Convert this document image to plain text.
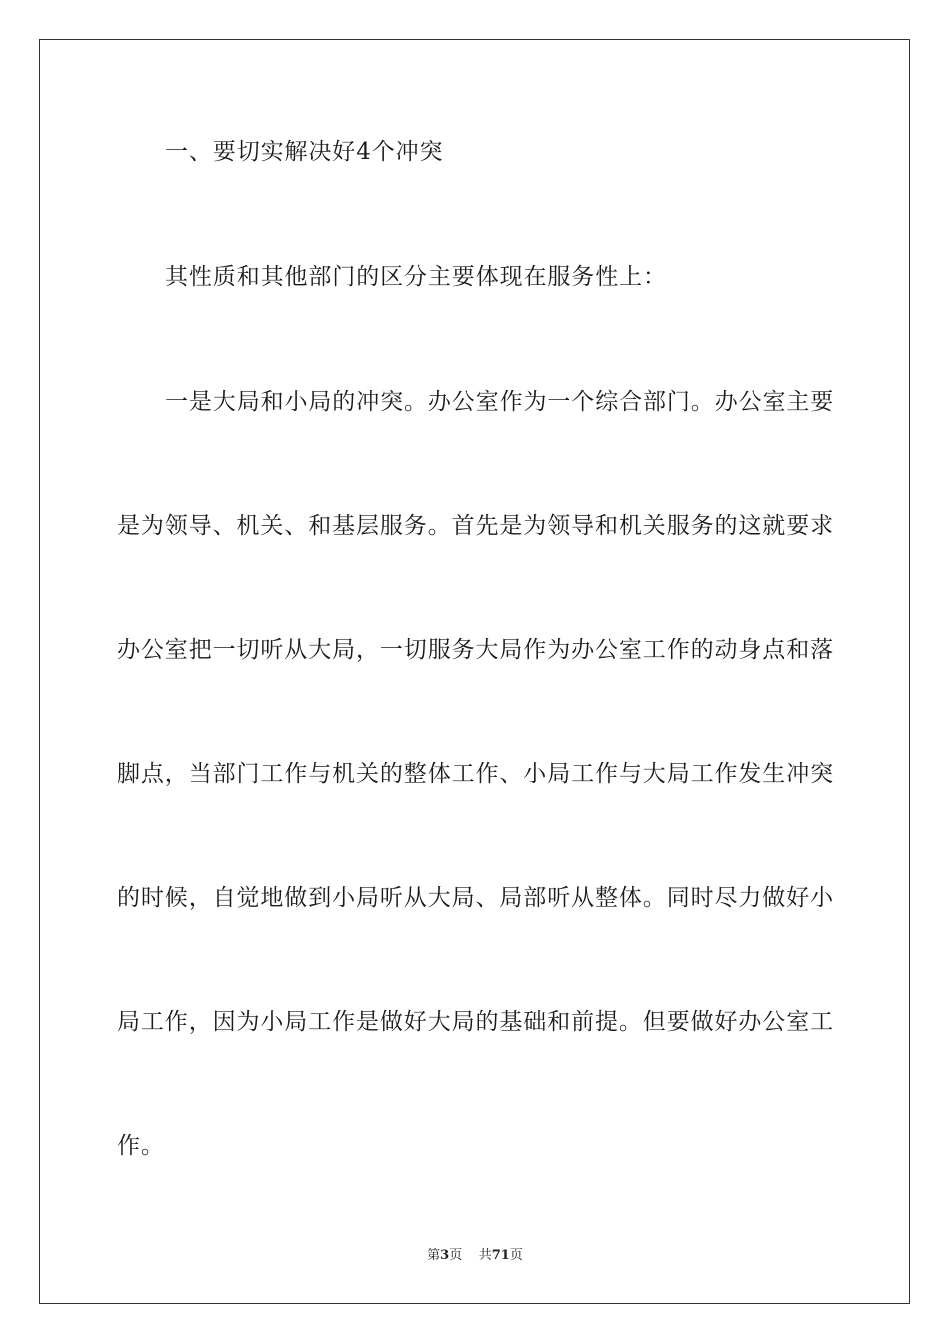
一、要切实解决好4个冲突
其性质和其他部门的区分主要体现在服务性上：
一是大局和小局的冲突。办公室作为一个综合部门。办公室主要
是为领导、机关、和基层服务。首先是为领导和机关服务的这就要求
办公室把一切听从大局，一切服务大局作为办公室工作的动身点和落
脚点，当部门工作与机关的整体工作、小局工作与大局工作发生冲突
的时候，自觉地做到小局听从大局、局部听从整体。同时尽力做好小
局工作，因为小局工作是做好大局的基础和前提。但要做好办公室工
作。
第3页    共71页
